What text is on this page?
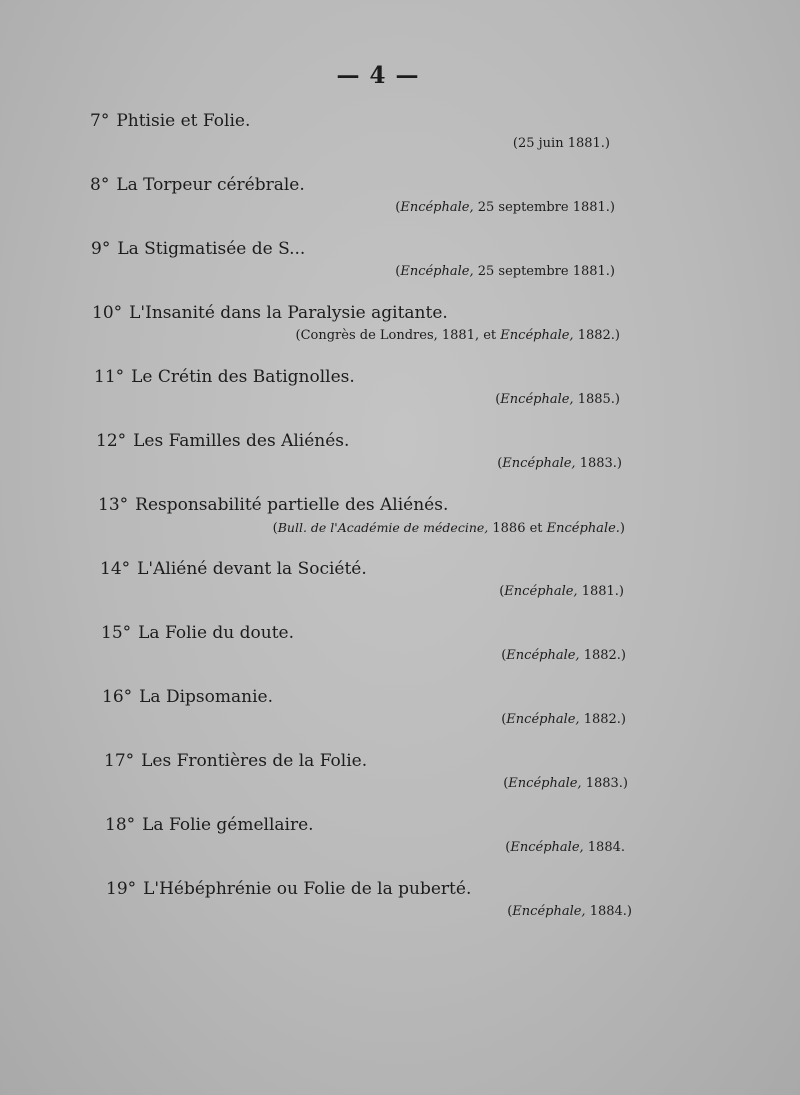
— 4 —
7° Phtisie et Folie.
(25 juin 1881.)
8° La Torpeur cérébrale.
(Encéphale, 25 septembre 1881.)
9° La Stigmatisée de S...
(Encéphale, 25 septembre 1881.)
10° L'Insanité dans la Paralysie agitante.
(Congrès de Londres, 1881, et Encéphale, 1882.)
11° Le Crétin des Batignolles.
(Encéphale, 1885.)
12° Les Familles des Aliénés.
(Encéphale, 1883.)
13° Responsabilité partielle des Aliénés.
(Bull. de l'Académie de médecine, 1886 et Encéphale.)
14° L'Aliéné devant la Société.
(Encéphale, 1881.)
15° La Folie du doute.
(Encéphale, 1882.)
16° La Dipsomanie.
(Encéphale, 1882.)
17° Les Frontières de la Folie.
(Encéphale, 1883.)
18° La Folie gémellaire.
(Encéphale, 1884.
19° L'Hébéphrénie ou Folie de la puberté.
(Encéphale, 1884.)
